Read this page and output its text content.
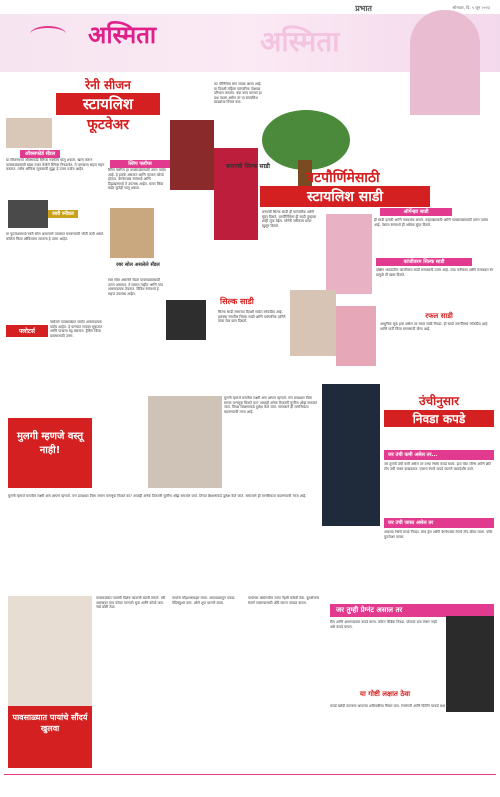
प्रभात	सोमवार, दि. ५ जून २०२३
अस्मिता	अस्मिता
रेनी सीजन
स्टायलिश
फूटवेअर
ऑक्सफोर्ड सँडल
या सीजनमध्ये ऑक्सफोर्ड स्लिप्स नक्कीच घालू शकता. खास करून पावसाळ्यासाठी खास तयार केलेले स्लिप्स निवडावेत. ते पाण्याला सहज सहन करतात. तसेच ऑफिस लूकसाठी सुद्धा हे उत्तम पर्याय आहेत.
स्लिप फ्लॉप्स
स्लिप फ्लॉप्स हा पावसाळ्यासाठी उत्तम पर्याय आहे. हे हलके असतात आणि पटकन कोरडे होतात. वेगवेगळ्या रंगांमध्ये आणि डिझाइनमध्ये ते उपलब्ध आहेत. घरात किंवा बाहेर कुठेही घालू शकता.
रबरी स्नीकर
या फूटवेअरमध्ये रबरी सोल असल्याने पावसात घसरण्याची भीती कमी असते. कॉलेज किंवा ऑफिसला जाताना हे उत्तम आहेत.
रबर सोल असलेले सँडल
रबर सोल असलेले सँडल पावसाळ्यासाठी उत्तम असतात. ते घसरत नाहीत आणि पाय आरामदायक ठेवतात. विविध रंगांमध्ये हे सहज उपलब्ध आहेत.
फ्लोटर्स
फ्लोटर्स पावसाळ्यात सर्वांत आरामदायक पर्याय आहेत. हे पाण्यात लवकर सुकतात आणि पायाला घट्ट बसतात. ट्रेकिंग किंवा प्रवासासाठी उत्तम.
वट पौर्णिमेचा सण जवळ आला आहे. या दिवशी महिला पारंपारिक पोशाख परिधान करतात. यंदा काय घालावं हा प्रश्न पडला असेल तर या स्टायलिश साड्यांचा विचार करा.
वटपौर्णिमेसाठी
स्टायलिश साडी
बनारसी सिल्क साडी
बनारसी सिल्क साडी ही पारंपारिक आणि सुंदर दिसते. वटपौर्णिमेला ही साडी तुम्हाला शाही लूक देईल. सोनेरी जरीकाम यावर खुलून दिसते.
ऑर्गेन्झा साडी
ही साडी हलकी आणि पारदर्शक असते. उन्हाळ्यासाठी आणि पावसाळ्यासाठी उत्तम पर्याय आहे. पेस्टल रंगांमध्ये ही अधिक सुंदर दिसते.
कांजीवरम सिल्क साडी
दक्षिण भारतातील कांजीवरम साडी सणासाठी उत्तम आहे. जाड जरीकाम आणि चमकदार रंग यामुळे ती खास दिसते.
सिल्क साडी
सिल्क साडी सणाच्या दिवशी सर्वात लोकप्रिय आहे. हलक्या रंगातील सिल्क साडी आणि पारंपारिक दागिने यांचा मेळ छान दिसतो.
रफल साडी
आधुनिक लूक हवा असेल तर रफल साडी निवडा. ही साडी तरुणींमध्ये लोकप्रिय आहे आणि पार्टी किंवा सणासाठी योग्य आहे.
मुलगी म्हणजे वस्तू नाही!
मुलगी म्हणजे घरातील लक्ष्मी असं आपण म्हणतो. पण प्रत्यक्षात तिला समान वागणूक मिळते का? आजही अनेक ठिकाणी मुलींना ओझं समजलं जातं. तिच्या शिक्षणाकडे दुर्लक्ष केलं जातं. समाजाने ही मानसिकता बदलण्याची गरज आहे.
मुलगी म्हणजे घरातील लक्ष्मी असं आपण म्हणतो. पण प्रत्यक्षात तिला समान वागणूक मिळते का? आजही अनेक ठिकाणी मुलींना ओझं समजलं जातं. तिच्या शिक्षणाकडे दुर्लक्ष केलं जातं. समाजाने ही मानसिकता बदलण्याची गरज आहे.
उंचीनुसार
निवडा कपडे
जर उंची कमी असेल तर...
जर तुमची उंची कमी असेल तर उभ्या रेषांचे कपडे घाला. हाय वेस्ट जीन्स आणि छोटे टॉप उंची जास्त दाखवतात. एकाच रंगाचे कपडे घालणे फायदेशीर ठरते.
जर उंची जास्त असेल तर
आडव्या रेषांचे कपडे निवडा. लांब ड्रेस आणि वेगवेगळ्या रंगाचे टॉप-बॉटम घाला. फ्लॅट फुटवेअर वापरा.
पावसाळ्यात पायांचे सौंदर्य खुलवा
पावसाळ्यात पायांची विशेष काळजी घ्यावी लागते. घरी आल्यावर पाय कोमट पाण्याने धुवा आणि कोरडे करा. नखे छोटी ठेवा.
पायांना मॉइश्चरायझर लावा. आठवड्यातून एकदा पेडिक्युअर करा. ओले शूज घालणे टाळा.
पायांच्या बोटांमधील जागा नेहमी कोरडी ठेवा. बुरशीजन्य संसर्ग टाळण्यासाठी अँटी-फंगल पावडर वापरा.
जर तुम्ही प्रेग्नंट असाल तर
सैल आणि आरामदायक कपडे घाला. कॉटन फॅब्रिक निवडा. पोटावर दाब येणार नाही असे कपडे वापरा.
या गोष्टी लक्षात ठेवा
कपडे खरेदी करताना आपल्या शरीरयष्टीचा विचार करा. रंगसंगती आणि फिटिंग याकडे लक्ष द्या.
